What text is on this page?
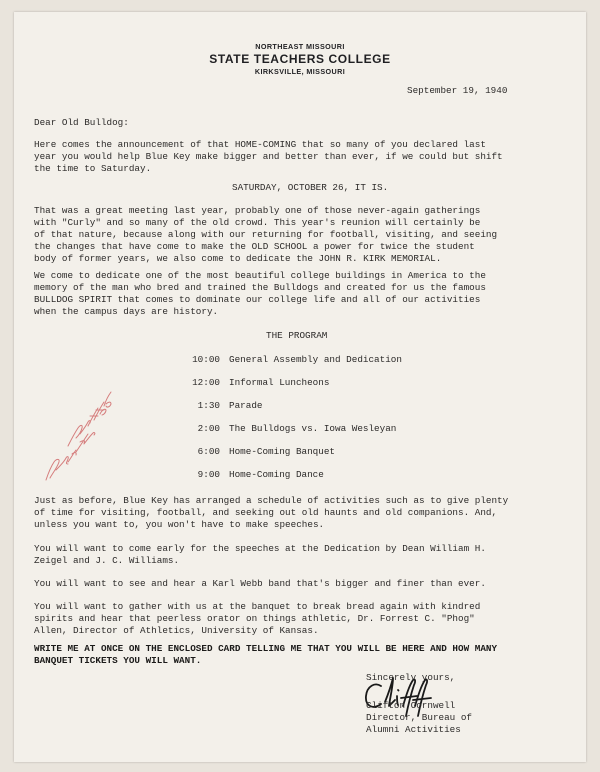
NORTHEAST MISSOURI
STATE TEACHERS COLLEGE
KIRKSVILLE, MISSOURI
September 19, 1940
Dear Old Bulldog:
Here comes the announcement of that HOME-COMING that so many of you declared last
year you would help Blue Key make bigger and better than ever, if we could but shift
the time to Saturday.
SATURDAY, OCTOBER 26, IT IS.
That was a great meeting last year, probably one of those never-again gatherings
with "Curly" and so many of the old crowd. This year's reunion will certainly be
of that nature, because along with our returning for football, visiting, and seeing
the changes that have come to make the OLD SCHOOL a power for twice the student
body of former years, we also come to dedicate the JOHN R. KIRK MEMORIAL.
We come to dedicate one of the most beautiful college buildings in America to the
memory of the man who bred and trained the Bulldogs and created for us the famous
BULLDOG SPIRIT that comes to dominate our college life and all of our activities
when the campus days are history.
THE PROGRAM
10:00 General Assembly and Dedication
12:00 Informal Luncheons
1:30 Parade
2:00 The Bulldogs vs. Iowa Wesleyan
6:00 Home-Coming Banquet
9:00 Home-Coming Dance
Just as before, Blue Key has arranged a schedule of activities such as to give plenty
of time for visiting, football, and seeking out old haunts and old companions. And,
unless you want to, you won't have to make speeches.
You will want to come early for the speeches at the Dedication by Dean William H.
Zeigel and J. C. Williams.
You will want to see and hear a Karl Webb band that's bigger and finer than ever.
You will want to gather with us at the banquet to break bread again with kindred
spirits and hear that peerless orator on things athletic, Dr. Forrest C. "Phog"
Allen, Director of Athletics, University of Kansas.
WRITE ME AT ONCE ON THE ENCLOSED CARD TELLING ME THAT YOU WILL BE HERE AND HOW MANY
BANQUET TICKETS YOU WILL WANT.
Sincerely yours,
Clifton Cornwell
Director, Bureau of
Alumni Activities
